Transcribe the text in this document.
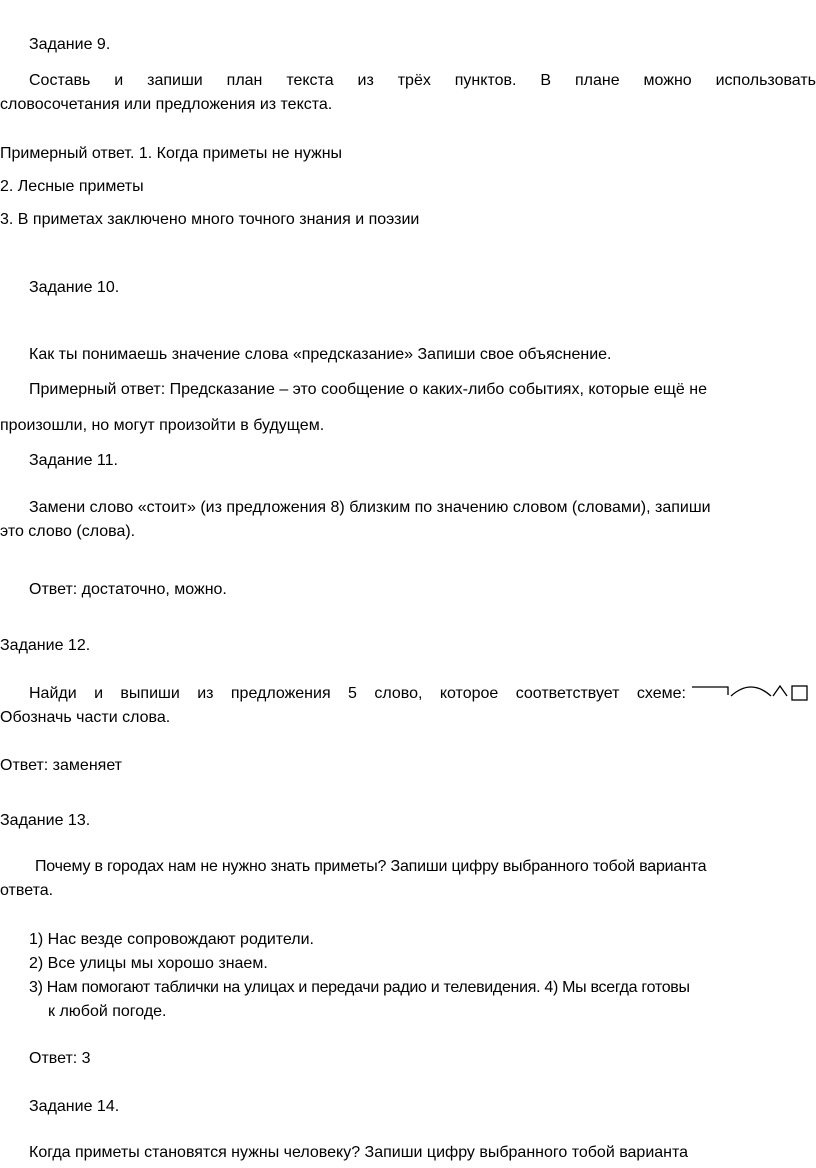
Задание 9.
Составь и запиши план текста из трёх пунктов. В плане можно использовать
словосочетания или предложения из текста.
Примерный ответ. 1. Когда приметы не нужны
2. Лесные приметы
3. В приметах заключено много точного знания и поэзии
Задание 10.
Как ты понимаешь значение слова «предсказание» Запиши свое объяснение.
Примерный ответ: Предсказание – это сообщение о каких-либо событиях, которые ещё не
произошли, но могут произойти в будущем.
Задание 11.
Замени слово «стоит» (из предложения 8) близким по значению словом (словами), запиши
это слово (слова).
Ответ: достаточно, можно.
Задание 12.
Найди и выпиши из предложения 5 слово, которое соответствует схеме:
Обозначь части слова.
Ответ: заменяет
Задание 13.
Почему в городах нам не нужно знать приметы? Запиши цифру выбранного тобой варианта
ответа.
1) Нас везде сопровождают родители.
2) Все улицы мы хорошо знаем.
3) Нам помогают таблички на улицах и передачи радио и телевидения. 4) Мы всегда готовы
к любой погоде.
Ответ: 3
Задание 14.
Когда приметы становятся нужны человеку? Запиши цифру выбранного тобой варианта
